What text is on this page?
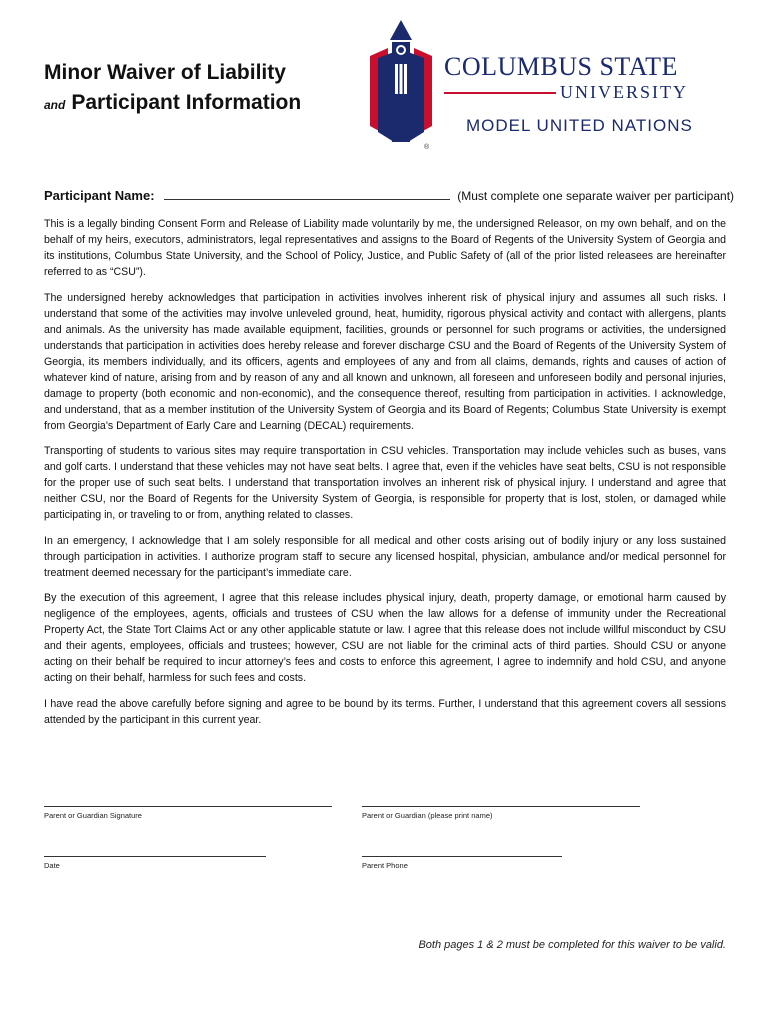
Minor Waiver of Liability
and Participant Information
COLUMBUS STATE
UNIVERSITY
MODEL UNITED NATIONS
®
Participant Name:	(Must complete one separate waiver per participant)

This is a legally binding Consent Form and Release of Liability made voluntarily by me, the undersigned Releasor, on my own behalf, and on the behalf of my heirs, executors, administrators, legal representatives and assigns to the Board of Regents of the University System of Georgia and its institutions, Columbus State University, and the School of Policy, Justice, and Public Safety of (all of the prior listed releasees are hereinafter referred to as “CSU”).

The undersigned hereby acknowledges that participation in activities involves inherent risk of physical injury and assumes all such risks. I understand that some of the activities may involve unleveled ground, heat, humidity, rigorous physical activity and contact with allergens, plants and animals. As the university has made available equipment, facilities, grounds or personnel for such programs or activities, the undersigned understands that participation in activities does hereby release and forever discharge CSU and the Board of Regents of the University System of Georgia, its members individually, and its officers, agents and employees of any and from all claims, demands, rights and causes of action of whatever kind of nature, arising from and by reason of any and all known and unknown, all foreseen and unforeseen bodily and personal injuries, damage to property (both economic and non-economic), and the consequence thereof, resulting from participation in activities. I acknowledge, and understand, that as a member institution of the University System of Georgia and its Board of Regents; Columbus State University is exempt from Georgia's Department of Early Care and Learning (DECAL) requirements.

Transporting of students to various sites may require transportation in CSU vehicles. Transportation may include vehicles such as buses, vans and golf carts. I understand that these vehicles may not have seat belts. I agree that, even if the vehicles have seat belts, CSU is not responsible for the proper use of such seat belts. I understand that transportation involves an inherent risk of physical injury. I understand and agree that neither CSU, nor the Board of Regents for the University System of Georgia, is responsible for property that is lost, stolen, or damaged while participating in, or traveling to or from, anything related to classes.

In an emergency, I acknowledge that I am solely responsible for all medical and other costs arising out of bodily injury or any loss sustained through participation in activities. I authorize program staff to secure any licensed hospital, physician, ambulance and/or medical personnel for treatment deemed necessary for the participant’s immediate care.

By the execution of this agreement, I agree that this release includes physical injury, death, property damage, or emotional harm caused by negligence of the employees, agents, officials and trustees of CSU when the law allows for a defense of immunity under the Recreational Property Act, the State Tort Claims Act or any other applicable statute or law. I agree that this release does not include willful misconduct by CSU and their agents, employees, officials and trustees; however, CSU are not liable for the criminal acts of third parties. Should CSU or anyone acting on their behalf be required to incur attorney’s fees and costs to enforce this agreement, I agree to indemnify and hold CSU, and anyone acting on their behalf, harmless for such fees and costs.

I have read the above carefully before signing and agree to be bound by its terms. Further, I understand that this agreement covers all sessions attended by the participant in this current year.

Parent or Guardian Signature	Parent or Guardian (please print name)
Date	Parent Phone
Both pages 1 & 2 must be completed for this waiver to be valid.
